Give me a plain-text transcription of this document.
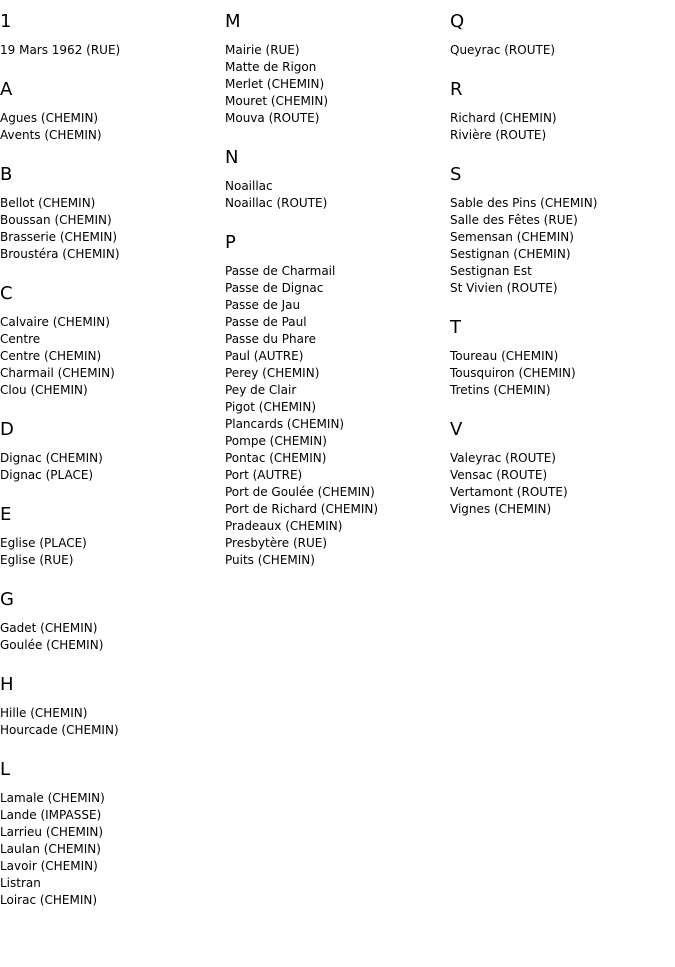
1
19 Mars 1962 (RUE)
A
Agues (CHEMIN)
Avents (CHEMIN)
B
Bellot (CHEMIN)
Boussan (CHEMIN)
Brasserie (CHEMIN)
Broustéra (CHEMIN)
C
Calvaire (CHEMIN)
Centre
Centre (CHEMIN)
Charmail (CHEMIN)
Clou (CHEMIN)
D
Dignac (CHEMIN)
Dignac (PLACE)
E
Eglise (PLACE)
Eglise (RUE)
G
Gadet (CHEMIN)
Goulée (CHEMIN)
H
Hille (CHEMIN)
Hourcade (CHEMIN)
L
Lamale (CHEMIN)
Lande (IMPASSE)
Larrieu (CHEMIN)
Laulan (CHEMIN)
Lavoir (CHEMIN)
Listran
Loirac (CHEMIN)
M
Mairie (RUE)
Matte de Rigon
Merlet (CHEMIN)
Mouret (CHEMIN)
Mouva (ROUTE)
N
Noaillac
Noaillac (ROUTE)
P
Passe de Charmail
Passe de Dignac
Passe de Jau
Passe de Paul
Passe du Phare
Paul (AUTRE)
Perey (CHEMIN)
Pey de Clair
Pigot (CHEMIN)
Plancards (CHEMIN)
Pompe (CHEMIN)
Pontac (CHEMIN)
Port (AUTRE)
Port de Goulée (CHEMIN)
Port de Richard (CHEMIN)
Pradeaux (CHEMIN)
Presbytère (RUE)
Puits (CHEMIN)
Q
Queyrac (ROUTE)
R
Richard (CHEMIN)
Rivière (ROUTE)
S
Sable des Pins (CHEMIN)
Salle des Fêtes (RUE)
Semensan (CHEMIN)
Sestignan (CHEMIN)
Sestignan Est
St Vivien (ROUTE)
T
Toureau (CHEMIN)
Tousquiron (CHEMIN)
Tretins (CHEMIN)
V
Valeyrac (ROUTE)
Vensac (ROUTE)
Vertamont (ROUTE)
Vignes (CHEMIN)
